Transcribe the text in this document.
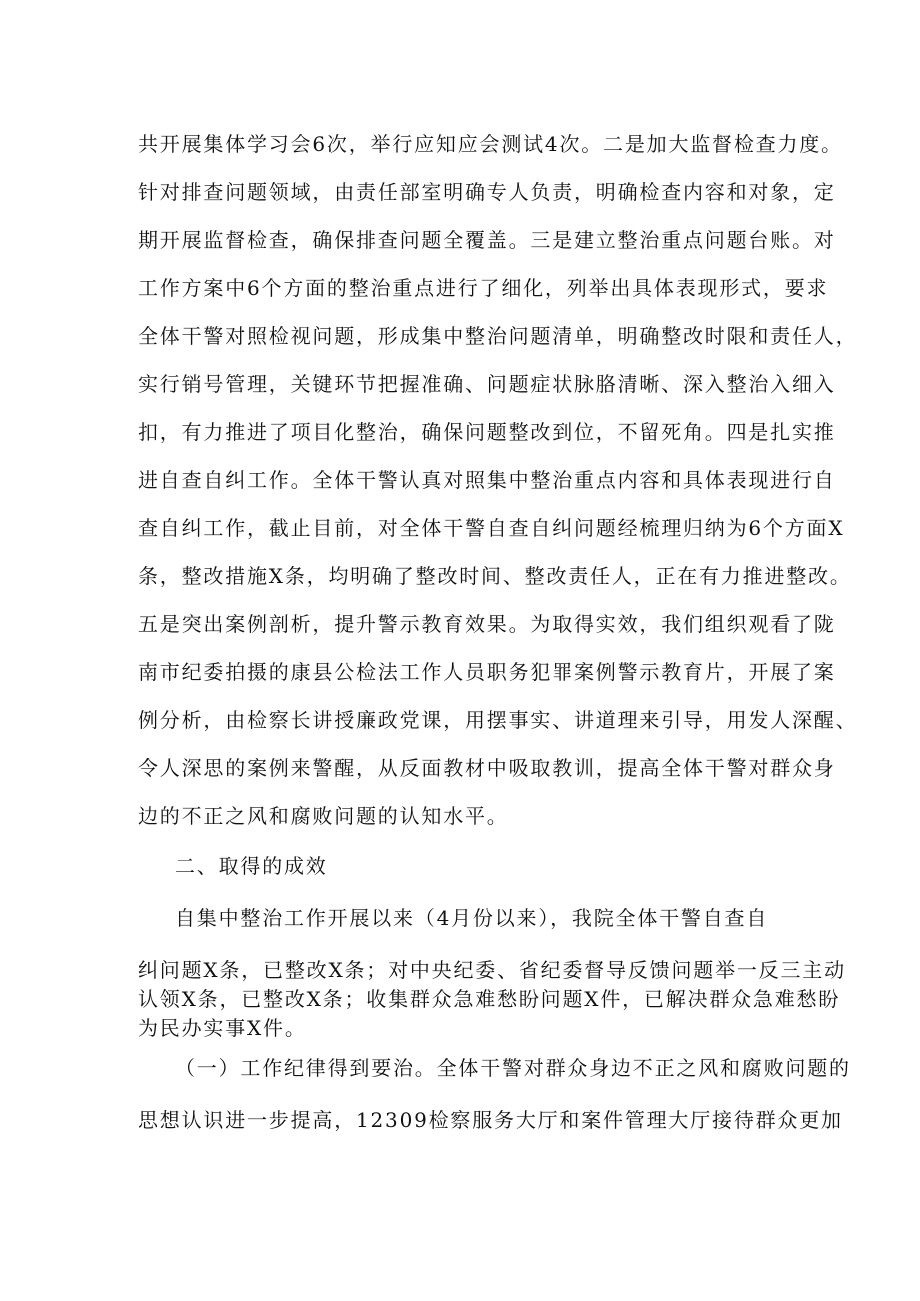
共开展集体学习会6次，举行应知应会测试4次。二是加大监督检查力度。
针对排查问题领域，由责任部室明确专人负责，明确检查内容和对象，定
期开展监督检查，确保排查问题全覆盖。三是建立整治重点问题台账。对
工作方案中6个方面的整治重点进行了细化，列举出具体表现形式，要求
全体干警对照检视问题，形成集中整治问题清单，明确整改时限和责任人，
实行销号管理，关键环节把握准确、问题症状脉胳清晰、深入整治入细入
扣，有力推进了项目化整治，确保问题整改到位，不留死角。四是扎实推
进自查自纠工作。全体干警认真对照集中整治重点内容和具体表现进行自
查自纠工作，截止目前，对全体干警自查自纠问题经梳理归纳为6个方面X
条，整改措施X条，均明确了整改时间、整改责任人，正在有力推进整改。
五是突出案例剖析，提升警示教育效果。为取得实效，我们组织观看了陇
南市纪委拍摄的康县公检法工作人员职务犯罪案例警示教育片，开展了案
例分析，由检察长讲授廉政党课，用摆事实、讲道理来引导，用发人深醒、
令人深思的案例来警醒，从反面教材中吸取教训，提高全体干警对群众身
边的不正之风和腐败问题的认知水平。
二、取得的成效
自集中整治工作开展以来（4月份以来），我院全体干警自查自
纠问题X条，已整改X条；对中央纪委、省纪委督导反馈问题举一反三主动
认领X条，已整改X条；收集群众急难愁盼问题X件，已解决群众急难愁盼
为民办实事X件。
（一）工作纪律得到要治。全体干警对群众身边不正之风和腐败问题的
思想认识进一步提高，12309检察服务大厅和案件管理大厅接待群众更加
